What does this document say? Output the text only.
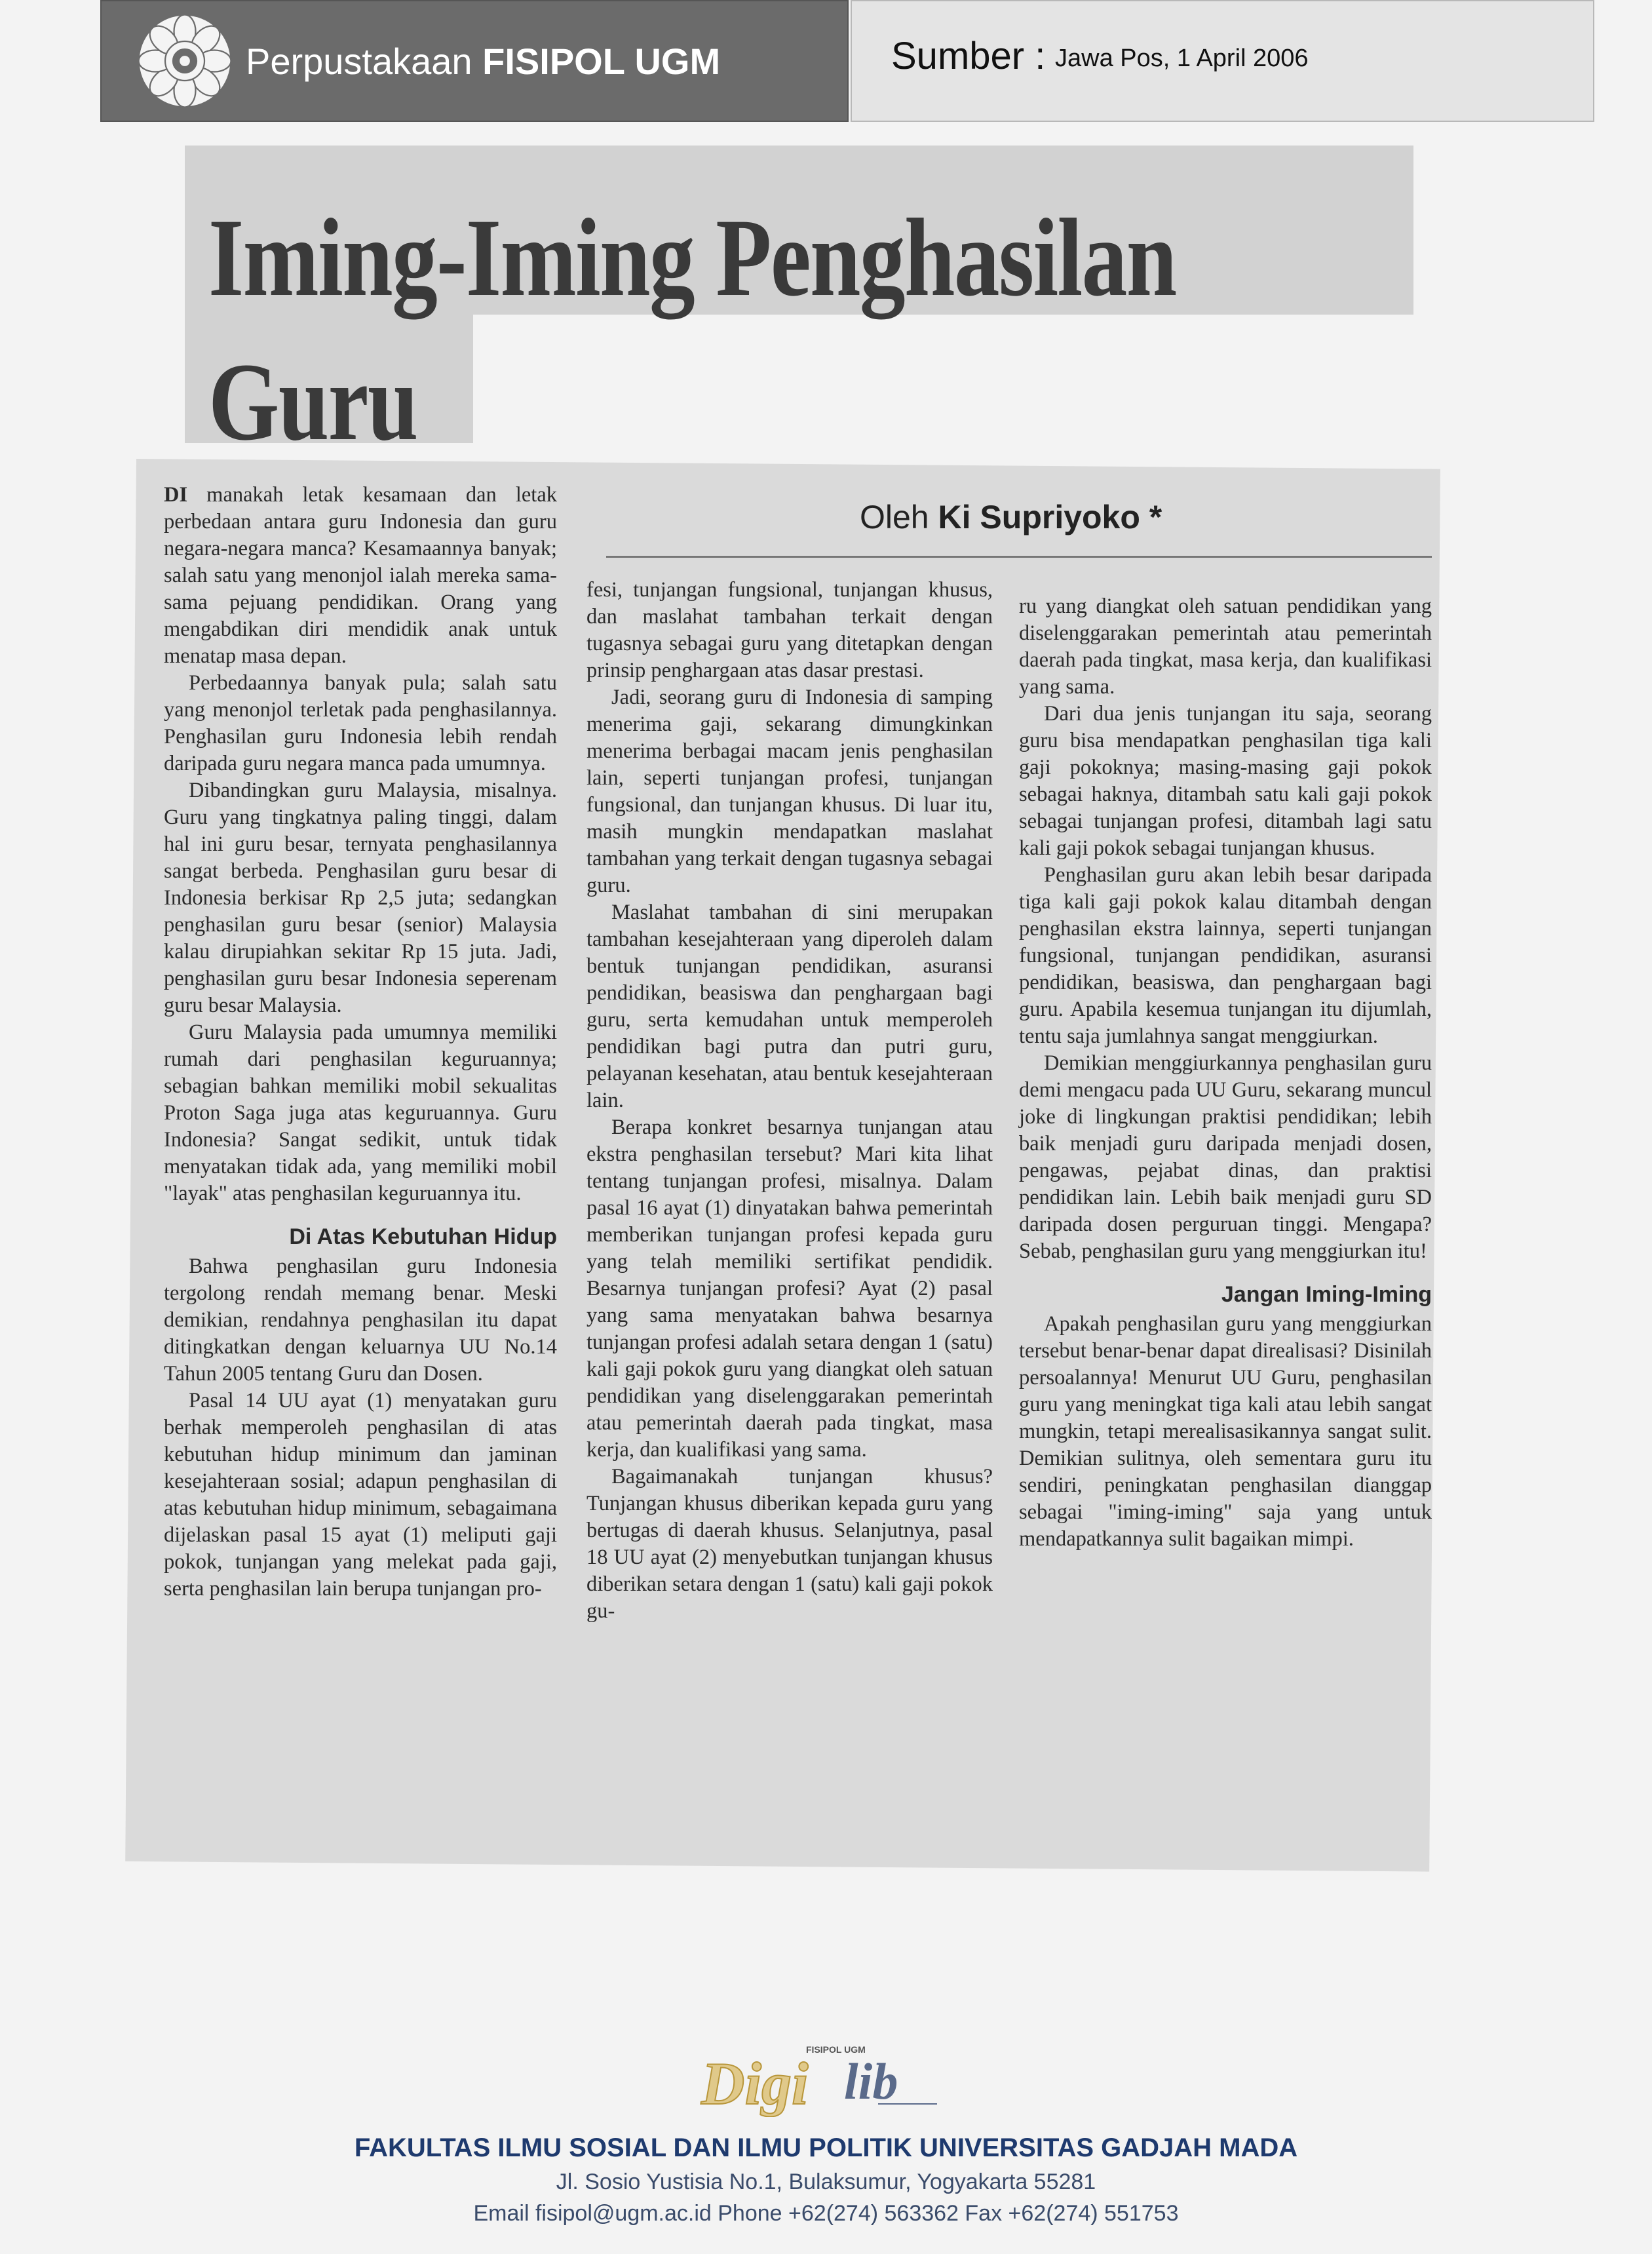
Perpustakaan FISIPOL UGM	Sumber : Jawa Pos, 1 April 2006
Iming-Iming Penghasilan
Guru
Oleh Ki Supriyoko *

DI manakah letak kesamaan dan letak perbedaan antara guru Indonesia dan guru negara-negara manca? Kesamaannya banyak; salah satu yang menonjol ialah mereka sama-sama pejuang pendidikan. Orang yang mengabdikan diri mendidik anak untuk menatap masa depan.

Perbedaannya banyak pula; salah satu yang menonjol terletak pada penghasilannya. Penghasilan guru Indonesia lebih rendah daripada guru negara manca pada umumnya.

Dibandingkan guru Malaysia, misalnya. Guru yang tingkatnya paling tinggi, dalam hal ini guru besar, ternyata penghasilannya sangat berbeda. Penghasilan guru besar di Indonesia berkisar Rp 2,5 juta; sedangkan penghasilan guru besar (senior) Malaysia kalau dirupiahkan sekitar Rp 15 juta. Jadi, penghasilan guru besar Indonesia seperenam guru besar Malaysia.

Guru Malaysia pada umumnya memiliki rumah dari penghasilan keguruannya; sebagian bahkan memiliki mobil sekualitas Proton Saga juga atas keguruannya. Guru Indonesia? Sangat sedikit, untuk tidak menyatakan tidak ada, yang memiliki mobil "layak" atas penghasilan keguruannya itu.

Di Atas Kebutuhan Hidup

Bahwa penghasilan guru Indonesia tergolong rendah memang benar. Meski demikian, rendahnya penghasilan itu dapat ditingkatkan dengan keluarnya UU No.14 Tahun 2005 tentang Guru dan Dosen.

Pasal 14 UU ayat (1) menyatakan guru berhak memperoleh penghasilan di atas kebutuhan hidup minimum dan jaminan kesejahteraan sosial; adapun penghasilan di atas kebutuhan hidup minimum, sebagaimana dijelaskan pasal 15 ayat (1) meliputi gaji pokok, tunjangan yang melekat pada gaji, serta penghasilan lain berupa tunjangan pro-

fesi, tunjangan fungsional, tunjangan khusus, dan maslahat tambahan terkait dengan tugasnya sebagai guru yang ditetapkan dengan prinsip penghargaan atas dasar prestasi.

Jadi, seorang guru di Indonesia di samping menerima gaji, sekarang dimungkinkan menerima berbagai macam jenis penghasilan lain, seperti tunjangan profesi, tunjangan fungsional, dan tunjangan khusus. Di luar itu, masih mungkin mendapatkan maslahat tambahan yang terkait dengan tugasnya sebagai guru.

Maslahat tambahan di sini merupakan tambahan kesejahteraan yang diperoleh dalam bentuk tunjangan pendidikan, asuransi pendidikan, beasiswa dan penghargaan bagi guru, serta kemudahan untuk memperoleh pendidikan bagi putra dan putri guru, pelayanan kesehatan, atau bentuk kesejahteraan lain.

Berapa konkret besarnya tunjangan atau ekstra penghasilan tersebut? Mari kita lihat tentang tunjangan profesi, misalnya. Dalam pasal 16 ayat (1) dinyatakan bahwa pemerintah memberikan tunjangan profesi kepada guru yang telah memiliki sertifikat pendidik. Besarnya tunjangan profesi? Ayat (2) pasal yang sama menyatakan bahwa besarnya tunjangan profesi adalah setara dengan 1 (satu) kali gaji pokok guru yang diangkat oleh satuan pendidikan yang diselenggarakan pemerintah atau pemerintah daerah pada tingkat, masa kerja, dan kualifikasi yang sama.

Bagaimanakah tunjangan khusus? Tunjangan khusus diberikan kepada guru yang bertugas di daerah khusus. Selanjutnya, pasal 18 UU ayat (2) menyebutkan tunjangan khusus diberikan setara dengan 1 (satu) kali gaji pokok gu-

ru yang diangkat oleh satuan pendidikan yang diselenggarakan pemerintah atau pemerintah daerah pada tingkat, masa kerja, dan kualifikasi yang sama.

Dari dua jenis tunjangan itu saja, seorang guru bisa mendapatkan penghasilan tiga kali gaji pokoknya; masing-masing gaji pokok sebagai haknya, ditambah satu kali gaji pokok sebagai tunjangan profesi, ditambah lagi satu kali gaji pokok sebagai tunjangan khusus.

Penghasilan guru akan lebih besar daripada tiga kali gaji pokok kalau ditambah dengan penghasilan ekstra lainnya, seperti tunjangan fungsional, tunjangan pendidikan, asuransi pendidikan, beasiswa, dan penghargaan bagi guru. Apabila kesemua tunjangan itu dijumlah, tentu saja jumlahnya sangat menggiurkan.

Demikian menggiurkannya penghasilan guru demi mengacu pada UU Guru, sekarang muncul joke di lingkungan praktisi pendidikan; lebih baik menjadi guru daripada menjadi dosen, pengawas, pejabat dinas, dan praktisi pendidikan lain. Lebih baik menjadi guru SD daripada dosen perguruan tinggi. Mengapa? Sebab, penghasilan guru yang menggiurkan itu!

Jangan Iming-Iming

Apakah penghasilan guru yang menggiurkan tersebut benar-benar dapat direalisasi? Disinilah persoalannya! Menurut UU Guru, penghasilan guru yang meningkat tiga kali atau lebih sangat mungkin, tetapi merealisasikannya sangat sulit. Demikian sulitnya, oleh sementara guru itu sendiri, peningkatan penghasilan dianggap sebagai "iming-iming" saja yang untuk mendapatkannya sulit bagaikan mimpi.

FISIPOL UGM
Digi lib
FAKULTAS ILMU SOSIAL DAN ILMU POLITIK UNIVERSITAS GADJAH MADA
Jl. Sosio Yustisia No.1, Bulaksumur, Yogyakarta 55281
Email fisipol@ugm.ac.id Phone +62(274) 563362 Fax +62(274) 551753
